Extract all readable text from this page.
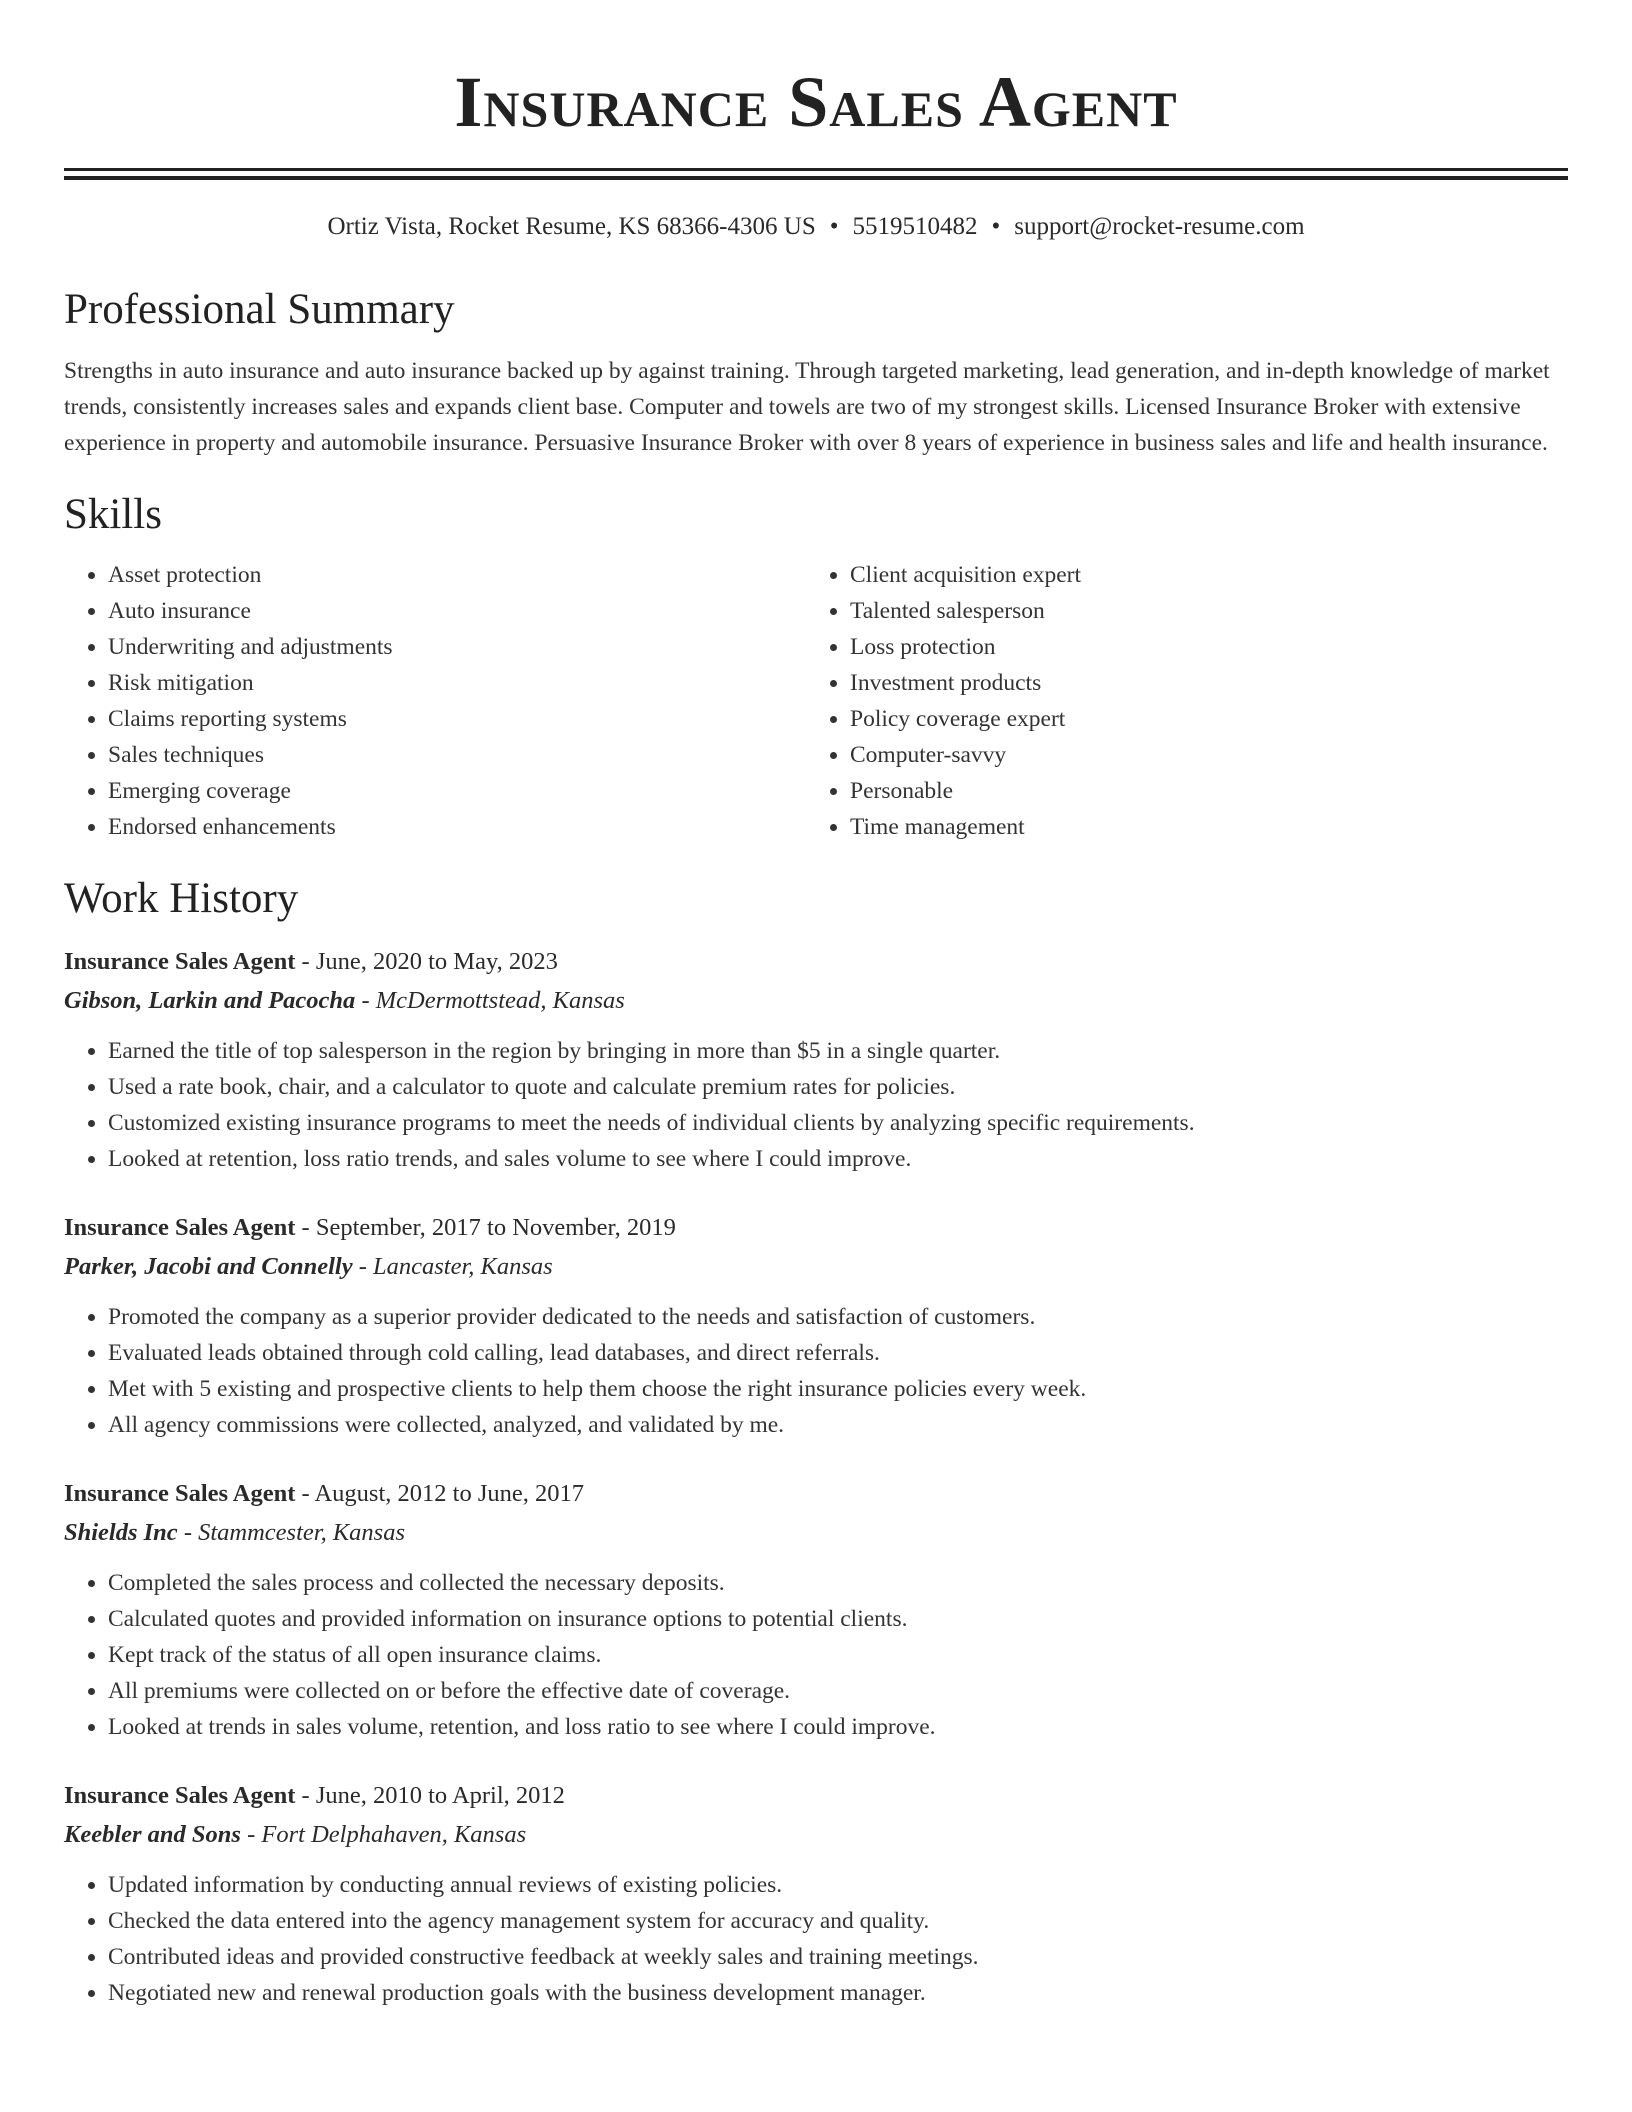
Insurance Sales Agent
Ortiz Vista, Rocket Resume, KS 68366-4306 US • 5519510482 • support@rocket-resume.com
Professional Summary

Strengths in auto insurance and auto insurance backed up by against training. Through targeted marketing, lead generation, and in-depth knowledge of market trends, consistently increases sales and expands client base. Computer and towels are two of my strongest skills. Licensed Insurance Broker with extensive experience in property and automobile insurance. Persuasive Insurance Broker with over 8 years of experience in business sales and life and health insurance.

Skills
• Asset protection
• Auto insurance
• Underwriting and adjustments
• Risk mitigation
• Claims reporting systems
• Sales techniques
• Emerging coverage
• Endorsed enhancements
• Client acquisition expert
• Talented salesperson
• Loss protection
• Investment products
• Policy coverage expert
• Computer-savvy
• Personable
• Time management
Work History
Insurance Sales Agent - June, 2020 to May, 2023
Gibson, Larkin and Pacocha - McDermottstead, Kansas
• Earned the title of top salesperson in the region by bringing in more than $5 in a single quarter.
• Used a rate book, chair, and a calculator to quote and calculate premium rates for policies.
• Customized existing insurance programs to meet the needs of individual clients by analyzing specific requirements.
• Looked at retention, loss ratio trends, and sales volume to see where I could improve.
Insurance Sales Agent - September, 2017 to November, 2019
Parker, Jacobi and Connelly - Lancaster, Kansas
• Promoted the company as a superior provider dedicated to the needs and satisfaction of customers.
• Evaluated leads obtained through cold calling, lead databases, and direct referrals.
• Met with 5 existing and prospective clients to help them choose the right insurance policies every week.
• All agency commissions were collected, analyzed, and validated by me.
Insurance Sales Agent - August, 2012 to June, 2017
Shields Inc - Stammcester, Kansas
• Completed the sales process and collected the necessary deposits.
• Calculated quotes and provided information on insurance options to potential clients.
• Kept track of the status of all open insurance claims.
• All premiums were collected on or before the effective date of coverage.
• Looked at trends in sales volume, retention, and loss ratio to see where I could improve.
Insurance Sales Agent - June, 2010 to April, 2012
Keebler and Sons - Fort Delphahaven, Kansas
• Updated information by conducting annual reviews of existing policies.
• Checked the data entered into the agency management system for accuracy and quality.
• Contributed ideas and provided constructive feedback at weekly sales and training meetings.
• Negotiated new and renewal production goals with the business development manager.
